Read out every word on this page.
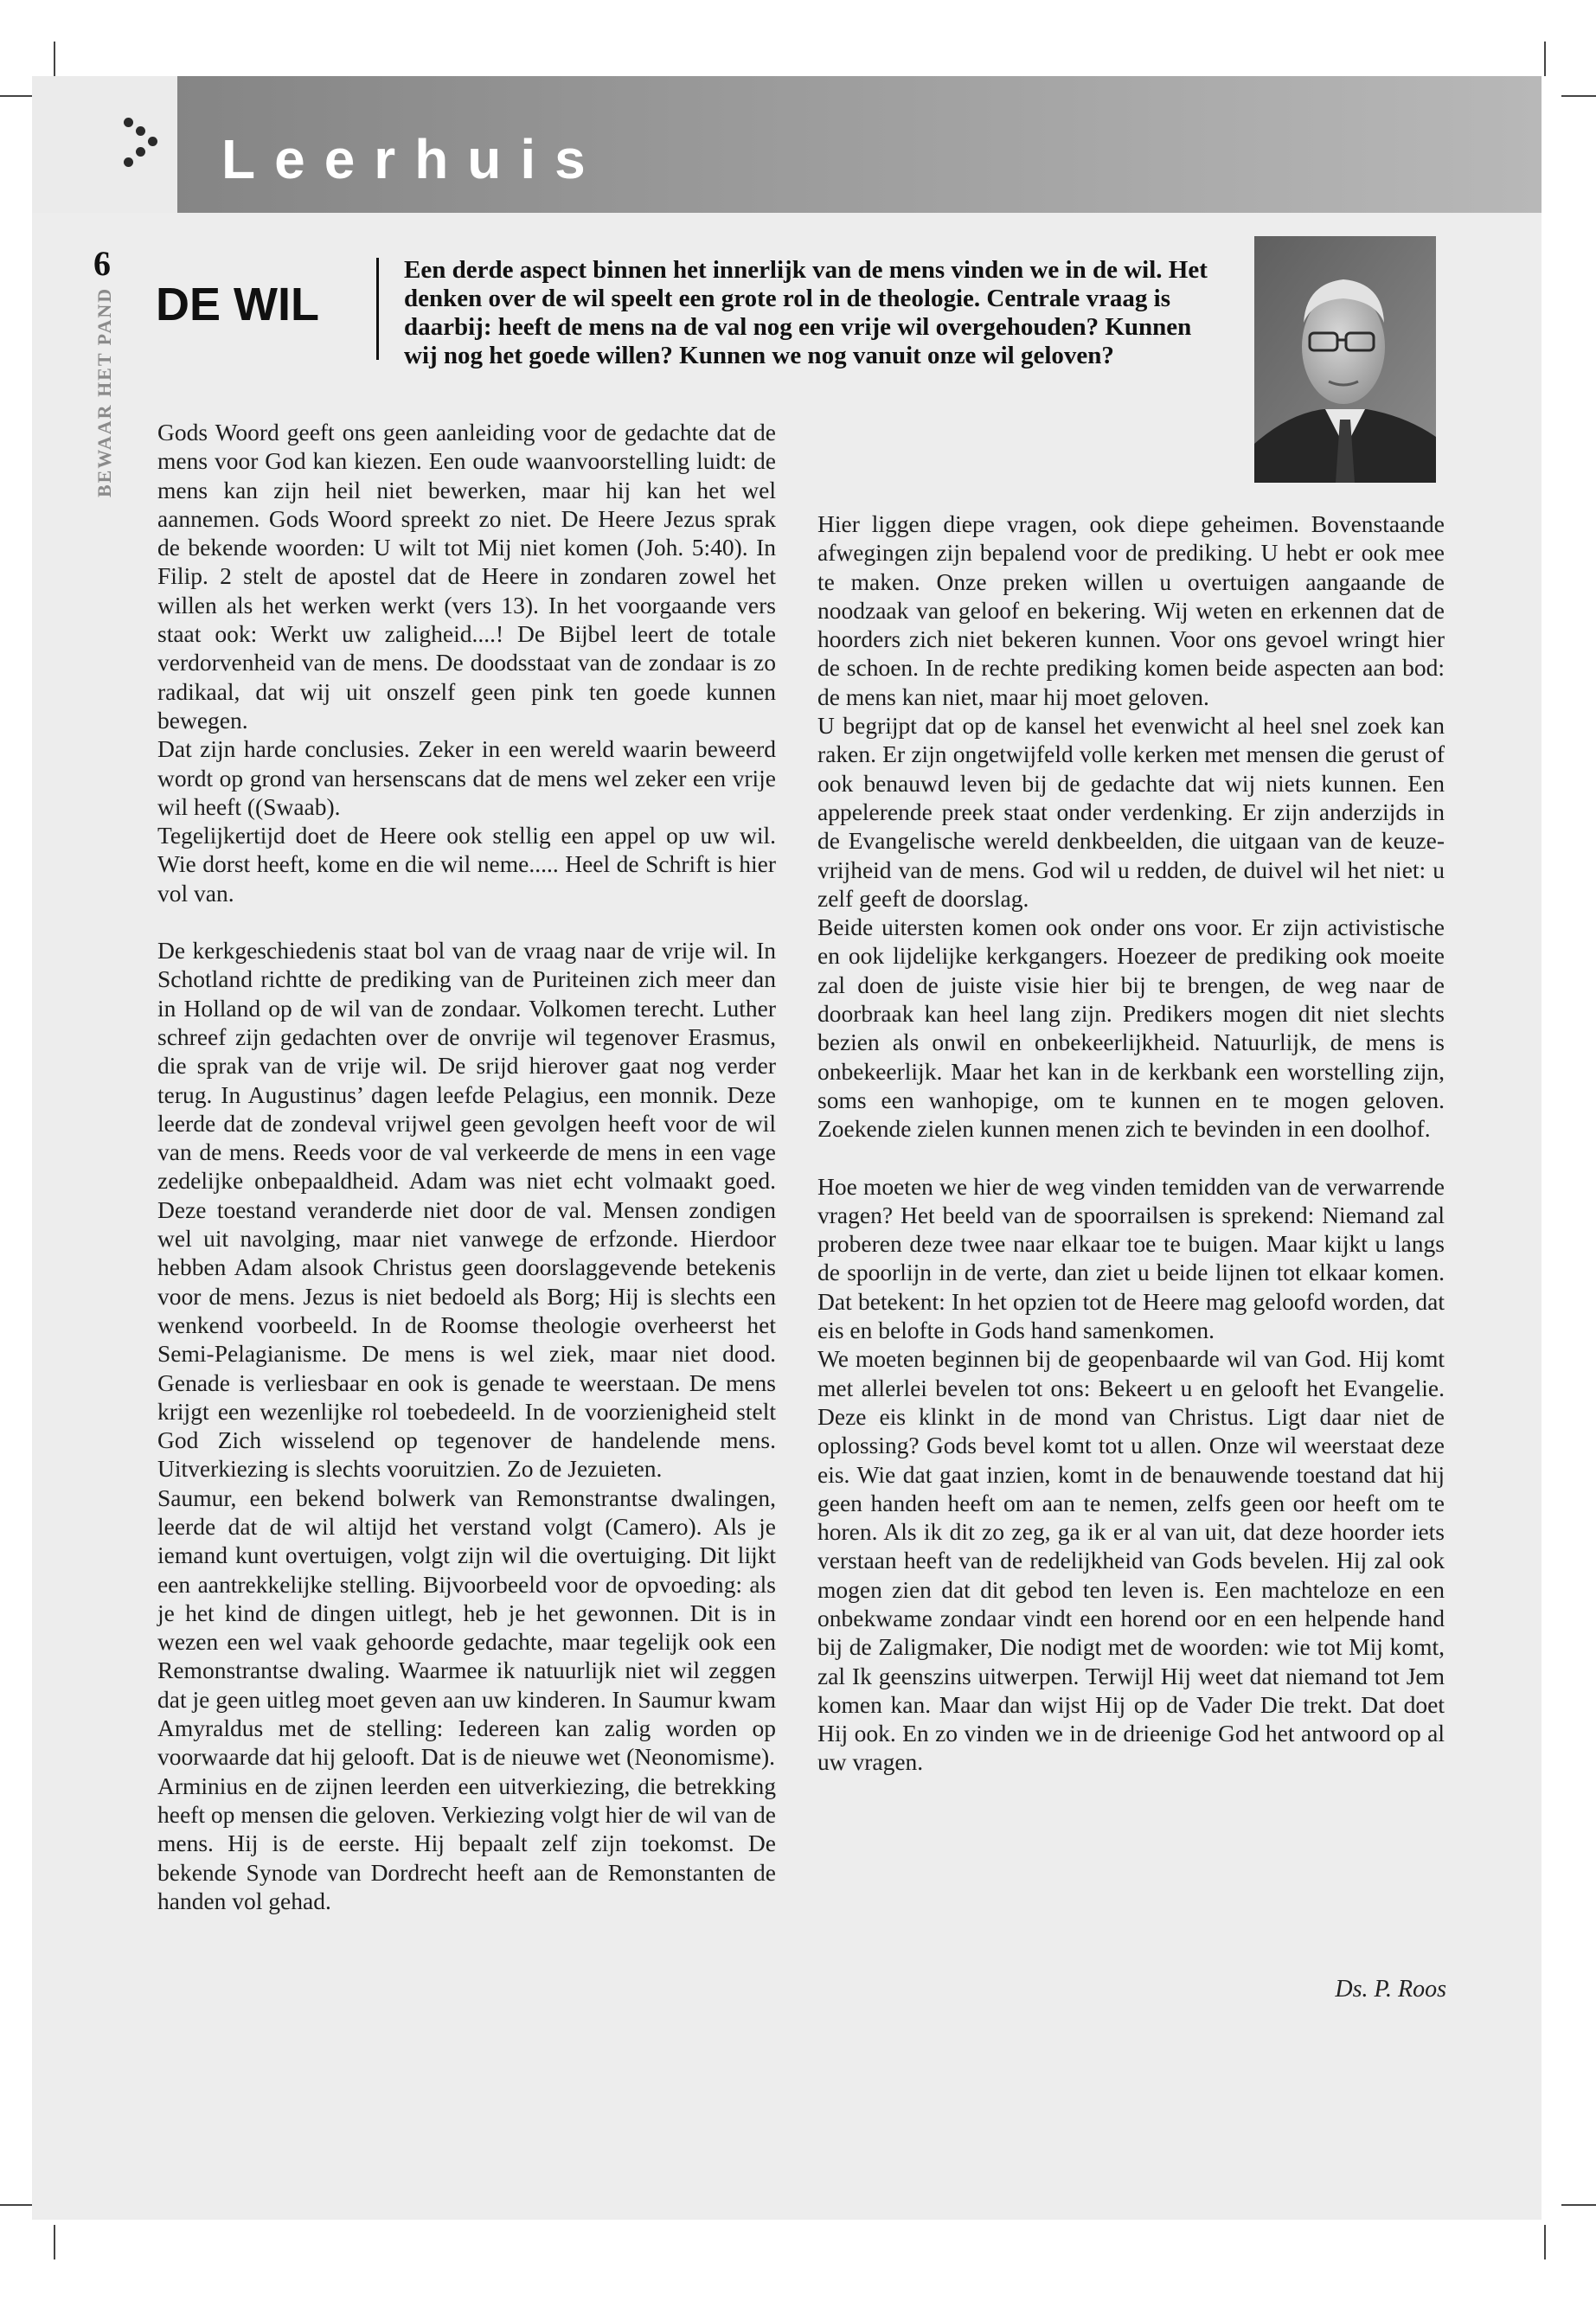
Leerhuis
6
BEWAAR HET PAND DE WIL

Een derde aspect binnen het innerlijk van de mens vinden we in de wil. Het denken over de wil speelt een grote rol in de theologie. Centrale vraag is daarbij: heeft de mens na de val nog een vrije wil overgehouden? Kunnen wij nog het goede willen? Kunnen we nog vanuit onze wil geloven?

Gods Woord geeft ons geen aanleiding voor de gedachte dat de mens voor God kan kiezen. Een oude waanvoorstelling luidt: de mens kan zijn heil niet bewerken, maar hij kan het wel aannemen. Gods Woord spreekt zo niet. De Heere Jezus sprak de bekende woorden: U wilt tot Mij niet komen (Joh. 5:40). In Filip. 2 stelt de apostel dat de Heere in zondaren zowel het willen als het werken werkt (vers 13). In het voorgaande vers staat ook: Werkt uw zaligheid....! De Bijbel leert de totale verdorvenheid van de mens. De doodsstaat van de zondaar is zo radikaal, dat wij uit onszelf geen pink ten goede kunnen bewegen.

Dat zijn harde conclusies. Zeker in een wereld waarin beweerd wordt op grond van hersenscans dat de mens wel zeker een vrije wil heeft ((Swaab).

Tegelijkertijd doet de Heere ook stellig een appel op uw wil. Wie dorst heeft, kome en die wil neme..... Heel de Schrift is hier vol van.

De kerkgeschiedenis staat bol van de vraag naar de vrije wil. In Schotland richtte de prediking van de Puriteinen zich meer dan in Holland op de wil van de zondaar. Volkomen terecht. Luther schreef zijn gedachten over de onvrije wil tegenover Erasmus, die sprak van de vrije wil. De srijd hierover gaat nog verder terug. In Augustinus’ dagen leefde Pelagius, een monnik. Deze leerde dat de zondeval vrijwel geen gevolgen heeft voor de wil van de mens. Reeds voor de val verkeerde de mens in een vage zedelijke onbepaaldheid. Adam was niet echt volmaakt goed. Deze toestand veranderde niet door de val. Mensen zondigen wel uit navolging, maar niet vanwege de erfzonde. Hierdoor hebben Adam alsook Christus geen doorslaggevende betekenis voor de mens. Jezus is niet bedoeld als Borg; Hij is slechts een wenkend voorbeeld. In de Roomse theologie overheerst het Semi-Pelagianisme. De mens is wel ziek, maar niet dood. Genade is verliesbaar en ook is genade te weerstaan. De mens krijgt een wezenlijke rol toebedeeld. In de voorzienigheid stelt God Zich wisselend op tegenover de handelende mens. Uitverkiezing is slechts vooruitzien. Zo de Jezuieten.

Saumur, een bekend bolwerk van Remonstrantse dwalingen, leerde dat de wil altijd het verstand volgt (Camero). Als je iemand kunt overtuigen, volgt zijn wil die overtuiging. Dit lijkt een aantrekkelijke stelling. Bijvoorbeeld voor de opvoeding: als je het kind de dingen uitlegt, heb je het gewonnen. Dit is in wezen een wel vaak gehoorde gedachte, maar tegelijk ook een Remonstrantse dwaling. Waarmee ik natuurlijk niet wil zeggen dat je geen uitleg moet geven aan uw kinderen. In Saumur kwam Amyraldus met de stelling: Iedereen kan zalig worden op voorwaarde dat hij gelooft. Dat is de nieuwe wet (Neonomisme).

Arminius en de zijnen leerden een uitverkiezing, die betrekking heeft op mensen die geloven. Verkiezing volgt hier de wil van de mens. Hij is de eerste. Hij bepaalt zelf zijn toekomst. De bekende Synode van Dordrecht heeft aan de Remonstanten de handen vol gehad.

Hier liggen diepe vragen, ook diepe geheimen. Bovenstaande afwegingen zijn bepalend voor de prediking. U hebt er ook mee te maken. Onze preken willen u overtuigen aangaande de noodzaak van geloof en bekering. Wij weten en erkennen dat de hoorders zich niet bekeren kunnen. Voor ons gevoel wringt hier de schoen. In de rechte prediking komen beide aspecten aan bod: de mens kan niet, maar hij moet geloven.

U begrijpt dat op de kansel het evenwicht al heel snel zoek kan raken. Er zijn ongetwijfeld volle kerken met mensen die gerust of ook benauwd leven bij de gedachte dat wij niets kunnen. Een appelerende preek staat onder verdenking. Er zijn anderzijds in de Evangelische wereld denkbeelden, die uitgaan van de keuze-vrijheid van de mens. God wil u redden, de duivel wil het niet: u zelf geeft de doorslag.

Beide uitersten komen ook onder ons voor. Er zijn activistische en ook lijdelijke kerkgangers. Hoezeer de prediking ook moeite zal doen de juiste visie hier bij te brengen, de weg naar de doorbraak kan heel lang zijn. Predikers mogen dit niet slechts bezien als onwil en onbekeerlijkheid. Natuurlijk, de mens is onbekeerlijk. Maar het kan in de kerkbank een worstelling zijn, soms een wanhopige, om te kunnen en te mogen geloven. Zoekende zielen kunnen menen zich te bevinden in een doolhof.

Hoe moeten we hier de weg vinden temidden van de verwarrende vragen? Het beeld van de spoorrailsen is sprekend: Niemand zal proberen deze twee naar elkaar toe te buigen. Maar kijkt u langs de spoorlijn in de verte, dan ziet u beide lijnen tot elkaar komen. Dat betekent: In het opzien tot de Heere mag geloofd worden, dat eis en belofte in Gods hand samenkomen.

We moeten beginnen bij de geopenbaarde wil van God. Hij komt met allerlei bevelen tot ons: Bekeert u en gelooft het Evangelie. Deze eis klinkt in de mond van Christus. Ligt daar niet de oplossing? Gods bevel komt tot u allen. Onze wil weerstaat deze eis. Wie dat gaat inzien, komt in de benauwende toestand dat hij geen handen heeft om aan te nemen, zelfs geen oor heeft om te horen. Als ik dit zo zeg, ga ik er al van uit, dat deze hoorder iets verstaan heeft van de redelijkheid van Gods bevelen. Hij zal ook mogen zien dat dit gebod ten leven is. Een machteloze en een onbekwame zondaar vindt een horend oor en een helpende hand bij de Zaligmaker, Die nodigt met de woorden: wie tot Mij komt, zal Ik geenszins uitwerpen. Terwijl Hij weet dat niemand tot Jem komen kan. Maar dan wijst Hij op de Vader Die trekt. Dat doet Hij ook. En zo vinden we in de drieenige God het antwoord op al uw vragen.

Ds. P. Roos
